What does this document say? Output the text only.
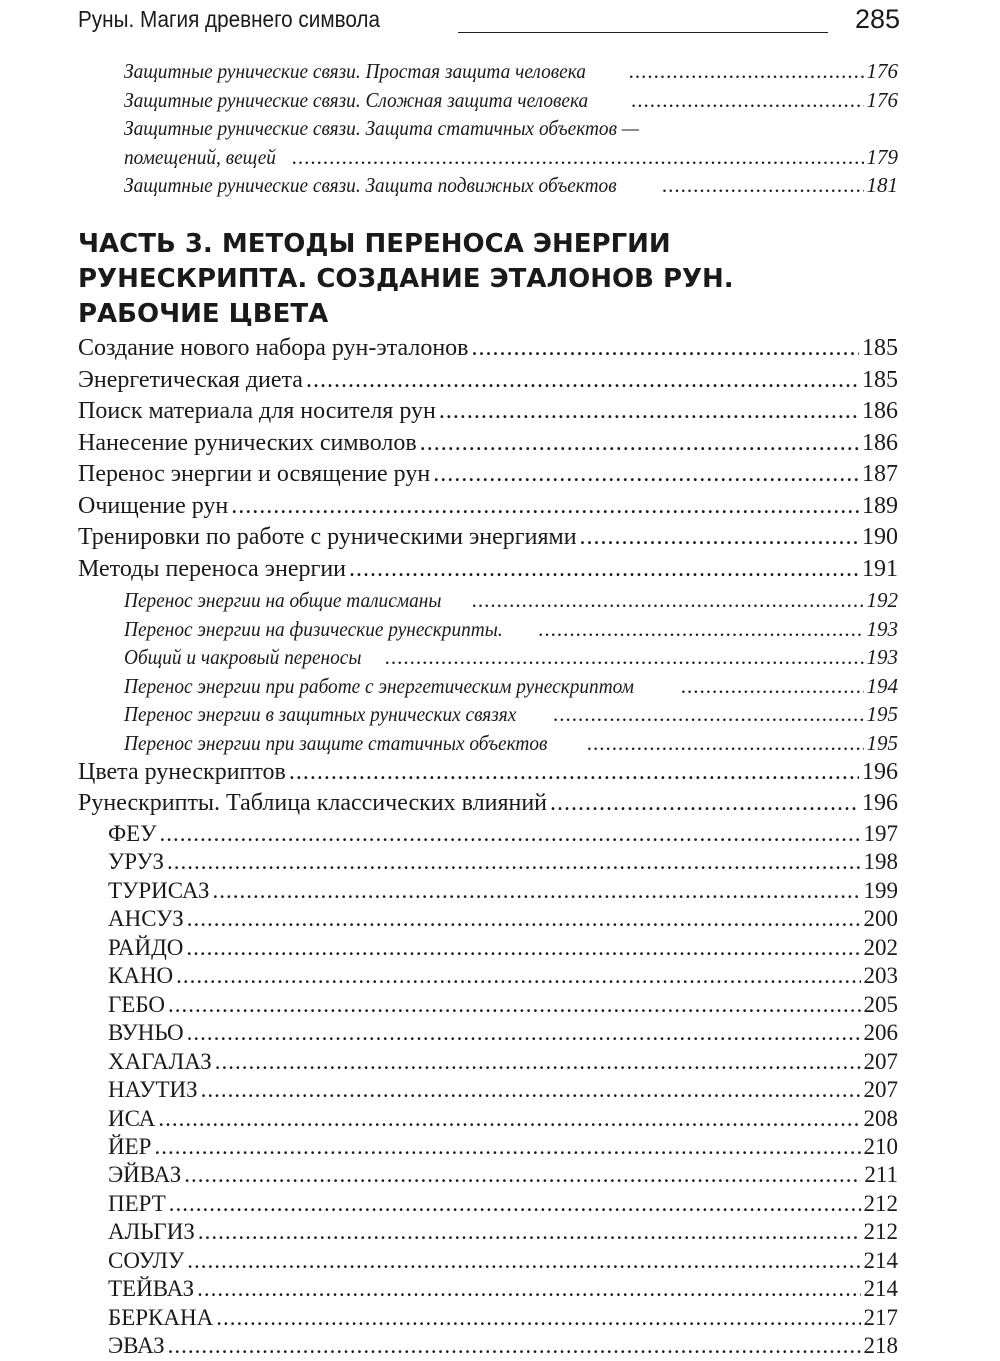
Руны. Магия древнего символа	285
Защитные рунические связи. Простая защита человека .....	176
Защитные рунические связи. Сложная защита человека .....	176
Защитные рунические связи. Защита статичных объектов —
помещений, вещей .....	179
Защитные рунические связи. Защита подвижных объектов .....	181
ЧАСТЬ 3. МЕТОДЫ ПЕРЕНОСА ЭНЕРГИИ
РУНЕСКРИПТА. СОЗДАНИЕ ЭТАЛОНОВ РУН.
РАБОЧИЕ ЦВЕТА
Создание нового набора рун-эталонов .....	185
Энергетическая диета .....	185
Поиск материала для носителя рун .....	186
Нанесение рунических символов .....	186
Перенос энергии и освящение рун .....	187
Очищение рун .....	189
Тренировки по работе с руническими энергиями .....	190
Методы переноса энергии .....	191
Перенос энергии на общие талисманы .....	192
Перенос энергии на физические рунескрипты. .....	193
Общий и чакровый переносы .....	193
Перенос энергии при работе с энергетическим рунескриптом .....	194
Перенос энергии в защитных рунических связях .....	195
Перенос энергии при защите статичных объектов .....	195
Цвета рунескриптов .....	196
Рунескрипты. Таблица классических влияний .....	196
ФЕУ .....	197
УРУЗ .....	198
ТУРИСАЗ .....	199
АНСУЗ .....	200
РАЙДО .....	202
КАНО .....	203
ГЕБО .....	205
ВУНЬО .....	206
ХАГАЛАЗ .....	207
НАУТИЗ .....	207
ИСА .....	208
ЙЕР .....	210
ЭЙВАЗ .....	211
ПЕРТ .....	212
АЛЬГИЗ .....	212
СОУЛУ .....	214
ТЕЙВАЗ .....	214
БЕРКАНА .....	217
ЭВАЗ .....	218
